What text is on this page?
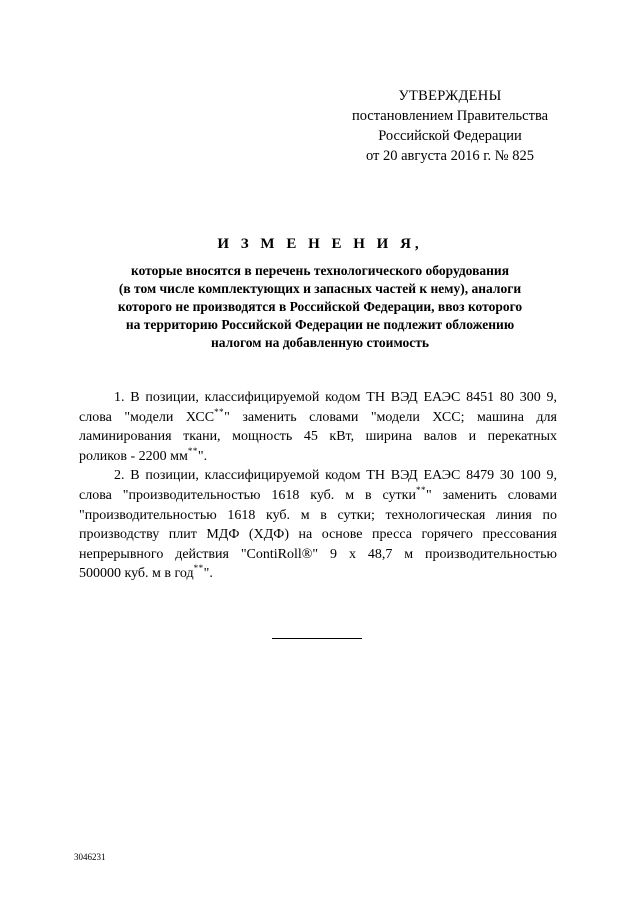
УТВЕРЖДЕНЫ
постановлением Правительства
Российской Федерации
от 20 августа 2016 г. № 825
И З М Е Н Е Н И Я,
которые вносятся в перечень технологического оборудования
(в том числе комплектующих и запасных частей к нему), аналоги
которого не производятся в Российской Федерации, ввоз которого
на территорию Российской Федерации не подлежит обложению
налогом на добавленную стоимость
1. В позиции, классифицируемой кодом ТН ВЭД ЕАЭС 8451 80 300 9,
слова "модели ХСС**" заменить словами "модели ХСС; машина для
ламинирования ткани, мощность 45 кВт, ширина валов и перекатных
роликов - 2200 мм**".
2. В позиции, классифицируемой кодом ТН ВЭД ЕАЭС 8479 30 100 9,
слова "производительностью 1618 куб. м в сутки**" заменить словами
"производительностью 1618 куб. м в сутки; технологическая линия по
производству плит МДФ (ХДФ) на основе пресса горячего прессования
непрерывного действия "ContiRoll®" 9 х 48,7 м производительностью
500000 куб. м в год**".
3046231
